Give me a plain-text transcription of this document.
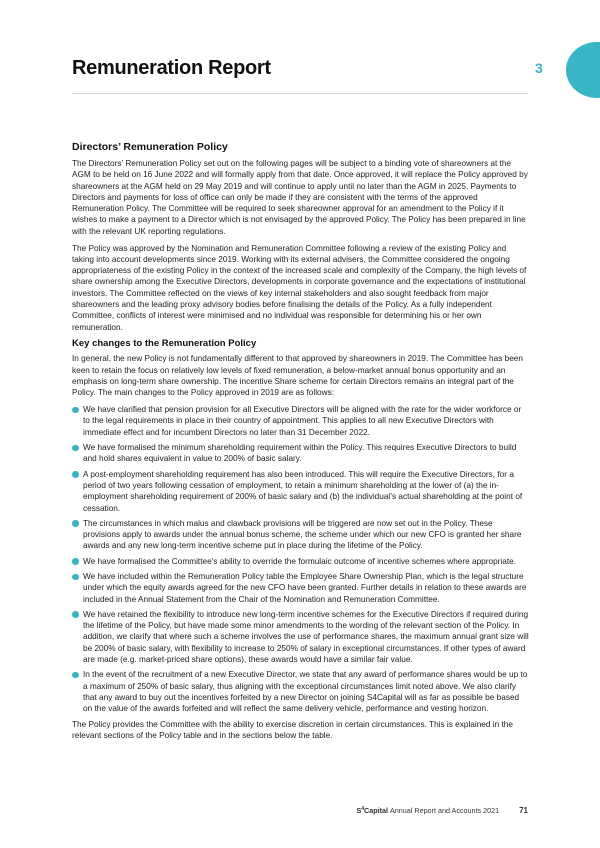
Remuneration Report	3
Directors’ Remuneration Policy

The Directors’ Remuneration Policy set out on the following pages will be subject to a binding vote of shareowners at the AGM to be held on 16 June 2022 and will formally apply from that date. Once approved, it will replace the Policy approved by shareowners at the AGM held on 29 May 2019 and will continue to apply until no later than the AGM in 2025. Payments to Directors and payments for loss of office can only be made if they are consistent with the terms of the approved Remuneration Policy. The Committee will be required to seek shareowner approval for an amendment to the Policy if it wishes to make a payment to a Director which is not envisaged by the approved Policy. The Policy has been prepared in line with the relevant UK reporting regulations.

The Policy was approved by the Nomination and Remuneration Committee following a review of the existing Policy and taking into account developments since 2019. Working with its external advisers, the Committee considered the ongoing appropriateness of the existing Policy in the context of the increased scale and complexity of the Company, the high levels of share ownership among the Executive Directors, developments in corporate governance and the expectations of institutional investors. The Committee reflected on the views of key internal stakeholders and also sought feedback from major shareowners and the leading proxy advisory bodies before finalising the details of the Policy. As a fully independent Committee, conflicts of interest were minimised and no individual was responsible for determining his or her own remuneration.

Key changes to the Remuneration Policy

In general, the new Policy is not fundamentally different to that approved by shareowners in 2019. The Committee has been keen to retain the focus on relatively low levels of fixed remuneration, a below-market annual bonus opportunity and an emphasis on long-term share ownership. The incentive Share scheme for certain Directors remains an integral part of the Policy. The main changes to the Policy approved in 2019 are as follows:

We have clarified that pension provision for all Executive Directors will be aligned with the rate for the wider workforce or to the legal requirements in place in their country of appointment. This applies to all new Executive Directors with immediate effect and for incumbent Directors no later than 31 December 2022.
We have formalised the minimum shareholding requirement within the Policy. This requires Executive Directors to build and hold shares equivalent in value to 200% of basic salary.
A post-employment shareholding requirement has also been introduced. This will require the Executive Directors, for a period of two years following cessation of employment, to retain a minimum shareholding at the lower of (a) the in-employment shareholding requirement of 200% of basic salary and (b) the individual’s actual shareholding at the point of cessation.
The circumstances in which malus and clawback provisions will be triggered are now set out in the Policy. These provisions apply to awards under the annual bonus scheme, the scheme under which our new CFO is granted her share awards and any new long-term incentive scheme put in place during the lifetime of the Policy.
We have formalised the Committee’s ability to override the formulaic outcome of incentive schemes where appropriate.
We have included within the Remuneration Policy table the Employee Share Ownership Plan, which is the legal structure under which the equity awards agreed for the new CFO have been granted. Further details in relation to these awards are included in the Annual Statement from the Chair of the Nomination and Remuneration Committee.
We have retained the flexibility to introduce new long-term incentive schemes for the Executive Directors if required during the lifetime of the Policy, but have made some minor amendments to the wording of the relevant section of the Policy. In addition, we clarify that where such a scheme involves the use of performance shares, the maximum annual grant size will be 200% of basic salary, with flexibility to increase to 250% of salary in exceptional circumstances. If other types of award are made (e.g. market-priced share options), these awards would have a similar fair value.
In the event of the recruitment of a new Executive Director, we state that any award of performance shares would be up to a maximum of 250% of basic salary, thus aligning with the exceptional circumstances limit noted above. We also clarify that any award to buy out the incentives forfeited by a new Director on joining S4Capital will as far as possible be based on the value of the awards forfeited and will reflect the same delivery vehicle, performance and vesting horizon.

The Policy provides the Committee with the ability to exercise discretion in certain circumstances. This is explained in the relevant sections of the Policy table and in the sections below the table.

$S^4Capital$
Annual Report and Accounts 2021	71
